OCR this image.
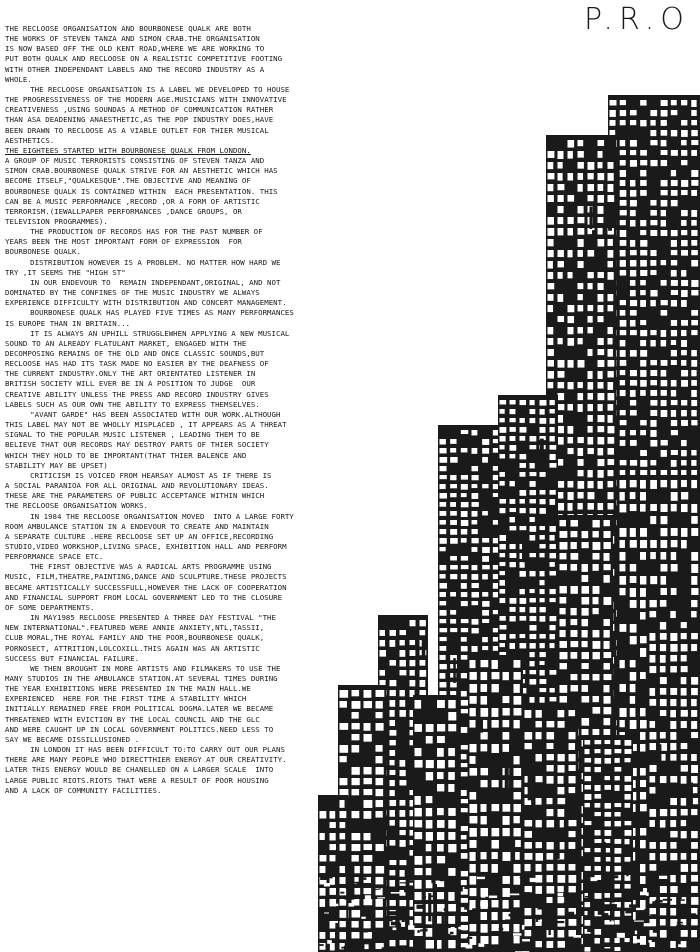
P.R.O

THE RECLOOSE ORGANISATION AND BOURBONESE QUALK ARE BOTH
THE WORKS OF STEVEN TANZA AND SIMON CRAB.THE ORGANISATION
IS NOW BASED OFF THE OLD KENT ROAD,WHERE WE ARE WORKING TO
PUT BOTH QUALK AND RECLOOSE ON A REALISTIC COMPETITIVE FOOTING
WITH OTHER INDEPENDANT LABELS AND THE RECORD INDUSTRY AS A
WHOLE.

THE RECLOOSE ORGANISATION IS A LABEL WE DEVELOPED TO HOUSE
THE PROGRESSIVENESS OF THE MODERN AGE.MUSICIANS WITH INNOVATIVE
CREATIVENESS ,USING SOUNDAS A METHOD OF COMMUNICATION RATHER
THAN ASA DEADENING ANAESTHETIC,AS THE POP INDUSTRY DOES,HAVE
BEEN DRAWN TO RECLOOSE AS A VIABLE OUTLET FOR THIER MUSICAL
AESTHETICS.

THE EIGHTEES STARTED WITH BOURBONESE QUALK FROM LONDON.

A GROUP OF MUSIC TERRORISTS CONSISTING OF STEVEN TANZA AND
SIMON CRAB.BOURBONESE QUALK STRIVE FOR AN AESTHETIC WHICH HAS
BECOME ITSELF,"QUALKESQUE".THE OBJECTIVE AND MEANING OF
BOURBONESE QUALK IS CONTAINED WITHIN  EACH PRESENTATION. THIS
CAN BE A MUSIC PERFORMANCE ,RECORD ,OR A FORM OF ARTISTIC
TERRORISM.(IEWALLPAPER PERFORMANCES ,DANCE GROUPS, OR
TELEVISION PROGRAMMES).

THE PRODUCTION OF RECORDS HAS FOR THE PAST NUMBER OF
YEARS BEEN THE MOST IMPORTANT FORM OF EXPRESSION  FOR
BOURBONESE QUALK.

DISTRIBUTION HOWEVER IS A PROBLEM. NO MATTER HOW HARD WE
TRY ,IT SEEMS THE "HIGH ST"

IN OUR ENDEVOUR TO  REMAIN INDEPENDANT,ORIGINAL, AND NOT
DOMINATED BY THE CONFINES OF THE MUSIC INDUSTRY WE ALWAYS
EXPERIENCE DIFFICULTY WITH DISTRIBUTION AND CONCERT MANAGEMENT.

BOURBONESE QUALK HAS PLAYED FIVE TIMES AS MANY PERFORMANCES
IS EUROPE THAN IN BRITAIN...

IT IS ALWAYS AN UPHILL STRUGGLEWHEN APPLYING A NEW MUSICAL
SOUND TO AN ALREADY FLATULANT MARKET, ENGAGED WITH THE
DECOMPOSING REMAINS OF THE OLD AND ONCE CLASSIC SOUNDS,BUT
RECLOOSE HAS HAD ITS TASK MADE NO EASIER BY THE DEAFNESS OF
THE CURRENT INDUSTRY.ONLY THE ART ORIENTATED LISTENER IN
BRITISH SOCIETY WILL EVER BE IN A POSITION TO JUDGE  OUR
CREATIVE ABILITY UNLESS THE PRESS AND RECORD INDUSTRY GIVES
LABELS SUCH AS OUR OWN THE ABILITY TO EXPRESS THEMSELVES.

"AVANT GARDE" HAS BEEN ASSOCIATED WITH OUR WORK.ALTHOUGH
THIS LABEL MAY NOT BE WHOLLY MISPLACED , IT APPEARS AS A THREAT
SIGNAL TO THE POPULAR MUSIC LISTENER , LEADING THEM TO BE
BELIEVE THAT OUR RECORDS MAY DESTROY PARTS OF THIER SOCIETY
WHICH THEY HOLD TO BE IMPORTANT(THAT THIER BALENCE AND
STABILITY MAY BE UPSET)

CRITICISM IS VOICED FROM HEARSAY ALMOST AS IF THERE IS
A SOCIAL PARANIOA FOR ALL ORIGINAL AND REVOLUTIONARY IDEAS.
THESE ARE THE PARAMETERS OF PUBLIC ACCEPTANCE WITHIN WHICH
THE RECLOOSE ORGANISATION WORKS.

IN 1984 THE RECLOOSE ORGANISATION MOVED  INTO A LARGE FORTY
ROOM AMBULANCE STATION IN A ENDEVOUR TO CREATE AND MAINTAIN
A SEPARATE CULTURE .HERE RECLOOSE SET UP AN OFFICE,RECORDING
STUDIO,VIDEO WORKSHOP,LIVING SPACE, EXHIBITION HALL AND PERFORM
PERFORMANCE SPACE ETC.

THE FIRST OBJECTIVE WAS A RADICAL ARTS PROGRAMME USING
MUSIC, FILM,THEATRE,PAINTING,DANCE AND SCULPTURE.THESE PROJECTS
BECAME ARTISTICALLY SUCCESSFULL,HOWEVER THE LACK OF COOPERATION
AND FINANCIAL SUPPORT FROM LOCAL GOVERNMENT LED TO THE CLOSURE
OF SOME DEPARTMENTS.

IN MAY1985 RECLOOSE PRESENTED A THREE DAY FESTIVAL "THE
NEW INTERNATIONAL".FEATURED WERE ANNIE ANXIETY,NTL,TASSII,
CLUB MORAL,THE ROYAL FAMILY AND THE POOR,BOURBONESE QUALK,
PORNOSECT, ATTRITION,LOLCOXILL.THIS AGAIN WAS AN ARTISTIC
SUCCESS BUT FINANCIAL FAILURE.

WE THEN BROUGHT IN MORE ARTISTS AND FILMAKERS TO USE THE
MANY STUDIOS IN THE AMBULANCE STATION.AT SEVERAL TIMES DURING
THE YEAR EXHIBITIONS WERE PRESENTED IN THE MAIN HALL.WE
EXPERIENCED  HERE FOR THE FIRST TIME A STABILITY WHICH
INITIALLY REMAINED FREE FROM POLITICAL DOGMA.LATER WE BECAME
THREATENED WITH EVICTION BY THE LOCAL COUNCIL AND THE GLC
AND WERE CAUGHT UP IN LOCAL GOVERNMENT POLITICS.NEED LESS TO
SAY WE BECAME DISSILLUSIONED .

IN LONDON IT HAS BEEN DIFFICULT TO:TO CARRY OUT OUR PLANS
THERE ARE MANY PEOPLE WHO DIRECTTHIER ENERGY AT OUR CREATIVITY.
LATER THIS ENERGY WOULD BE CHANELLED ON A LARGER SCALE  INTO
LARGE PUBLIC RIOTS.RIOTS THAT WERE A RESULT OF POOR HOUSING
AND A LACK OF COMMUNITY FACILITIES.
